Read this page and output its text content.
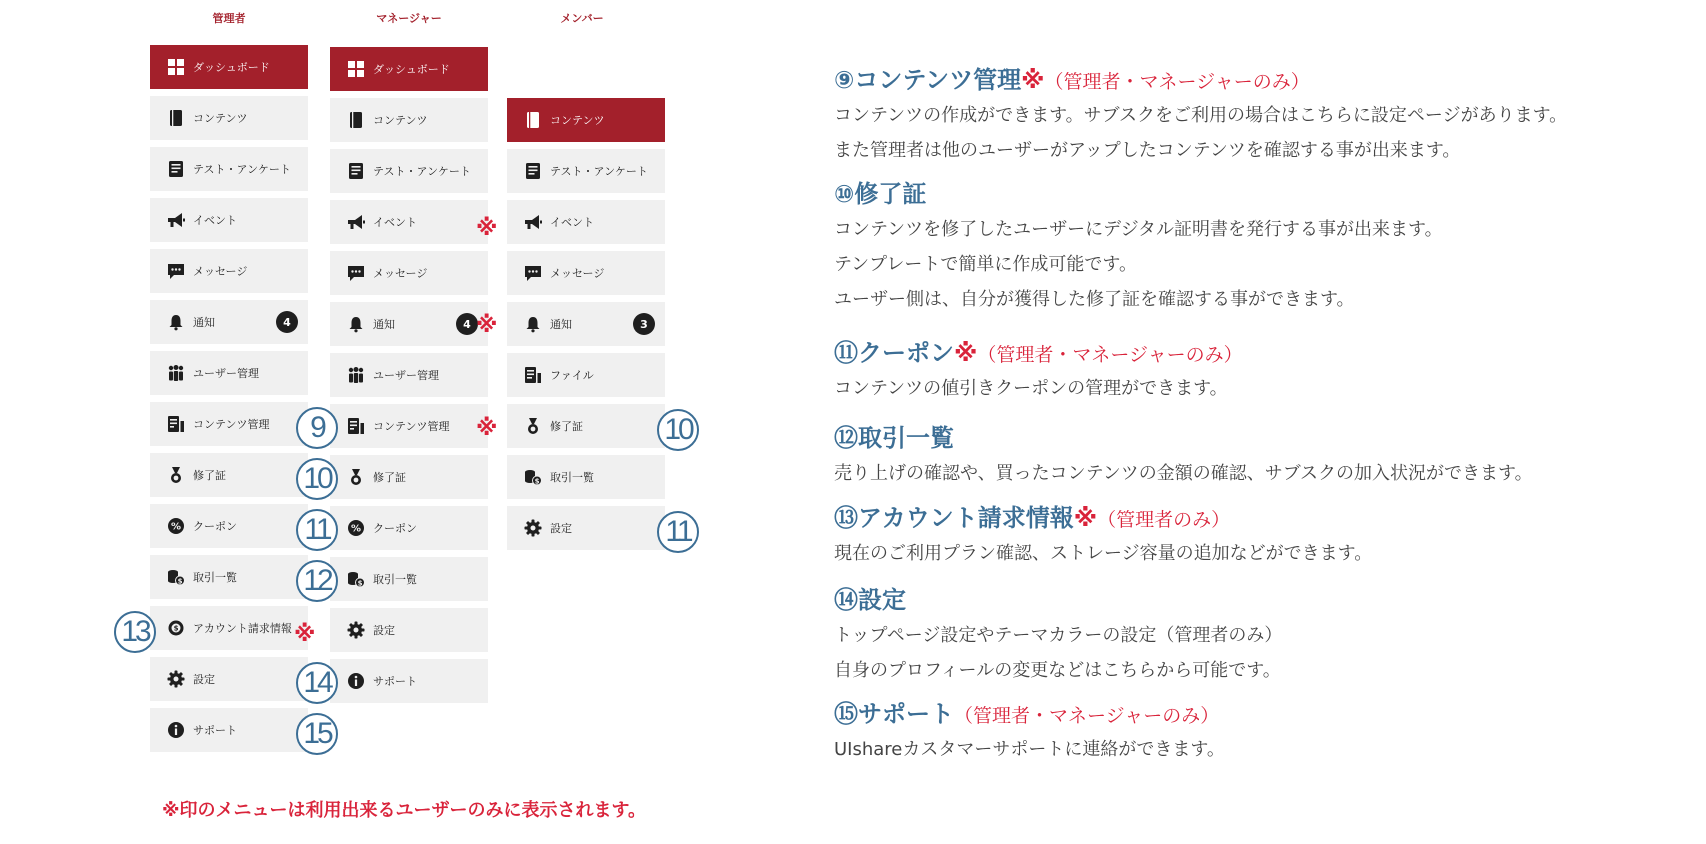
管理者	マネージャー	メンバー
ダッシュボード
コンテンツ
テスト・アンケート
イベント
メッセージ
通知	4
ユーザー管理
コンテンツ管理
修了証
% クーポン
$ 取引一覧
$ アカウント請求情報
設定
サポート
ダッシュボード
コンテンツ
テスト・アンケート
イベント
メッセージ
通知	4
ユーザー管理
コンテンツ管理
修了証
% クーポン
$ 取引一覧
設定
サポート
コンテンツ
テスト・アンケート
イベント
メッセージ
通知	3
ファイル
修了証
$ 取引一覧
設定
9
10
11
12
13
14
15
10
11
※
※
※
※
※印のメニューは利用出来るユーザーのみに表示されます。
⑨コンテンツ管理※（管理者・マネージャーのみ）
コンテンツの作成ができます。サブスクをご利用の場合はこちらに設定ページがあります。
また管理者は他のユーザーがアップしたコンテンツを確認する事が出来ます。
⑩修了証
コンテンツを修了したユーザーにデジタル証明書を発行する事が出来ます。
テンプレートで簡単に作成可能です。
ユーザー側は、自分が獲得した修了証を確認する事ができます。
⑪クーポン※（管理者・マネージャーのみ）
コンテンツの値引きクーポンの管理ができます。
⑫取引一覧
売り上げの確認や、買ったコンテンツの金額の確認、サブスクの加入状況ができます。
⑬アカウント請求情報※（管理者のみ）
現在のご利用プラン確認、ストレージ容量の追加などができます。
⑭設定
トップページ設定やテーマカラーの設定（管理者のみ）
自身のプロフィールの変更などはこちらから可能です。
⑮サポート（管理者・マネージャーのみ）
UIshareカスタマーサポートに連絡ができます。
